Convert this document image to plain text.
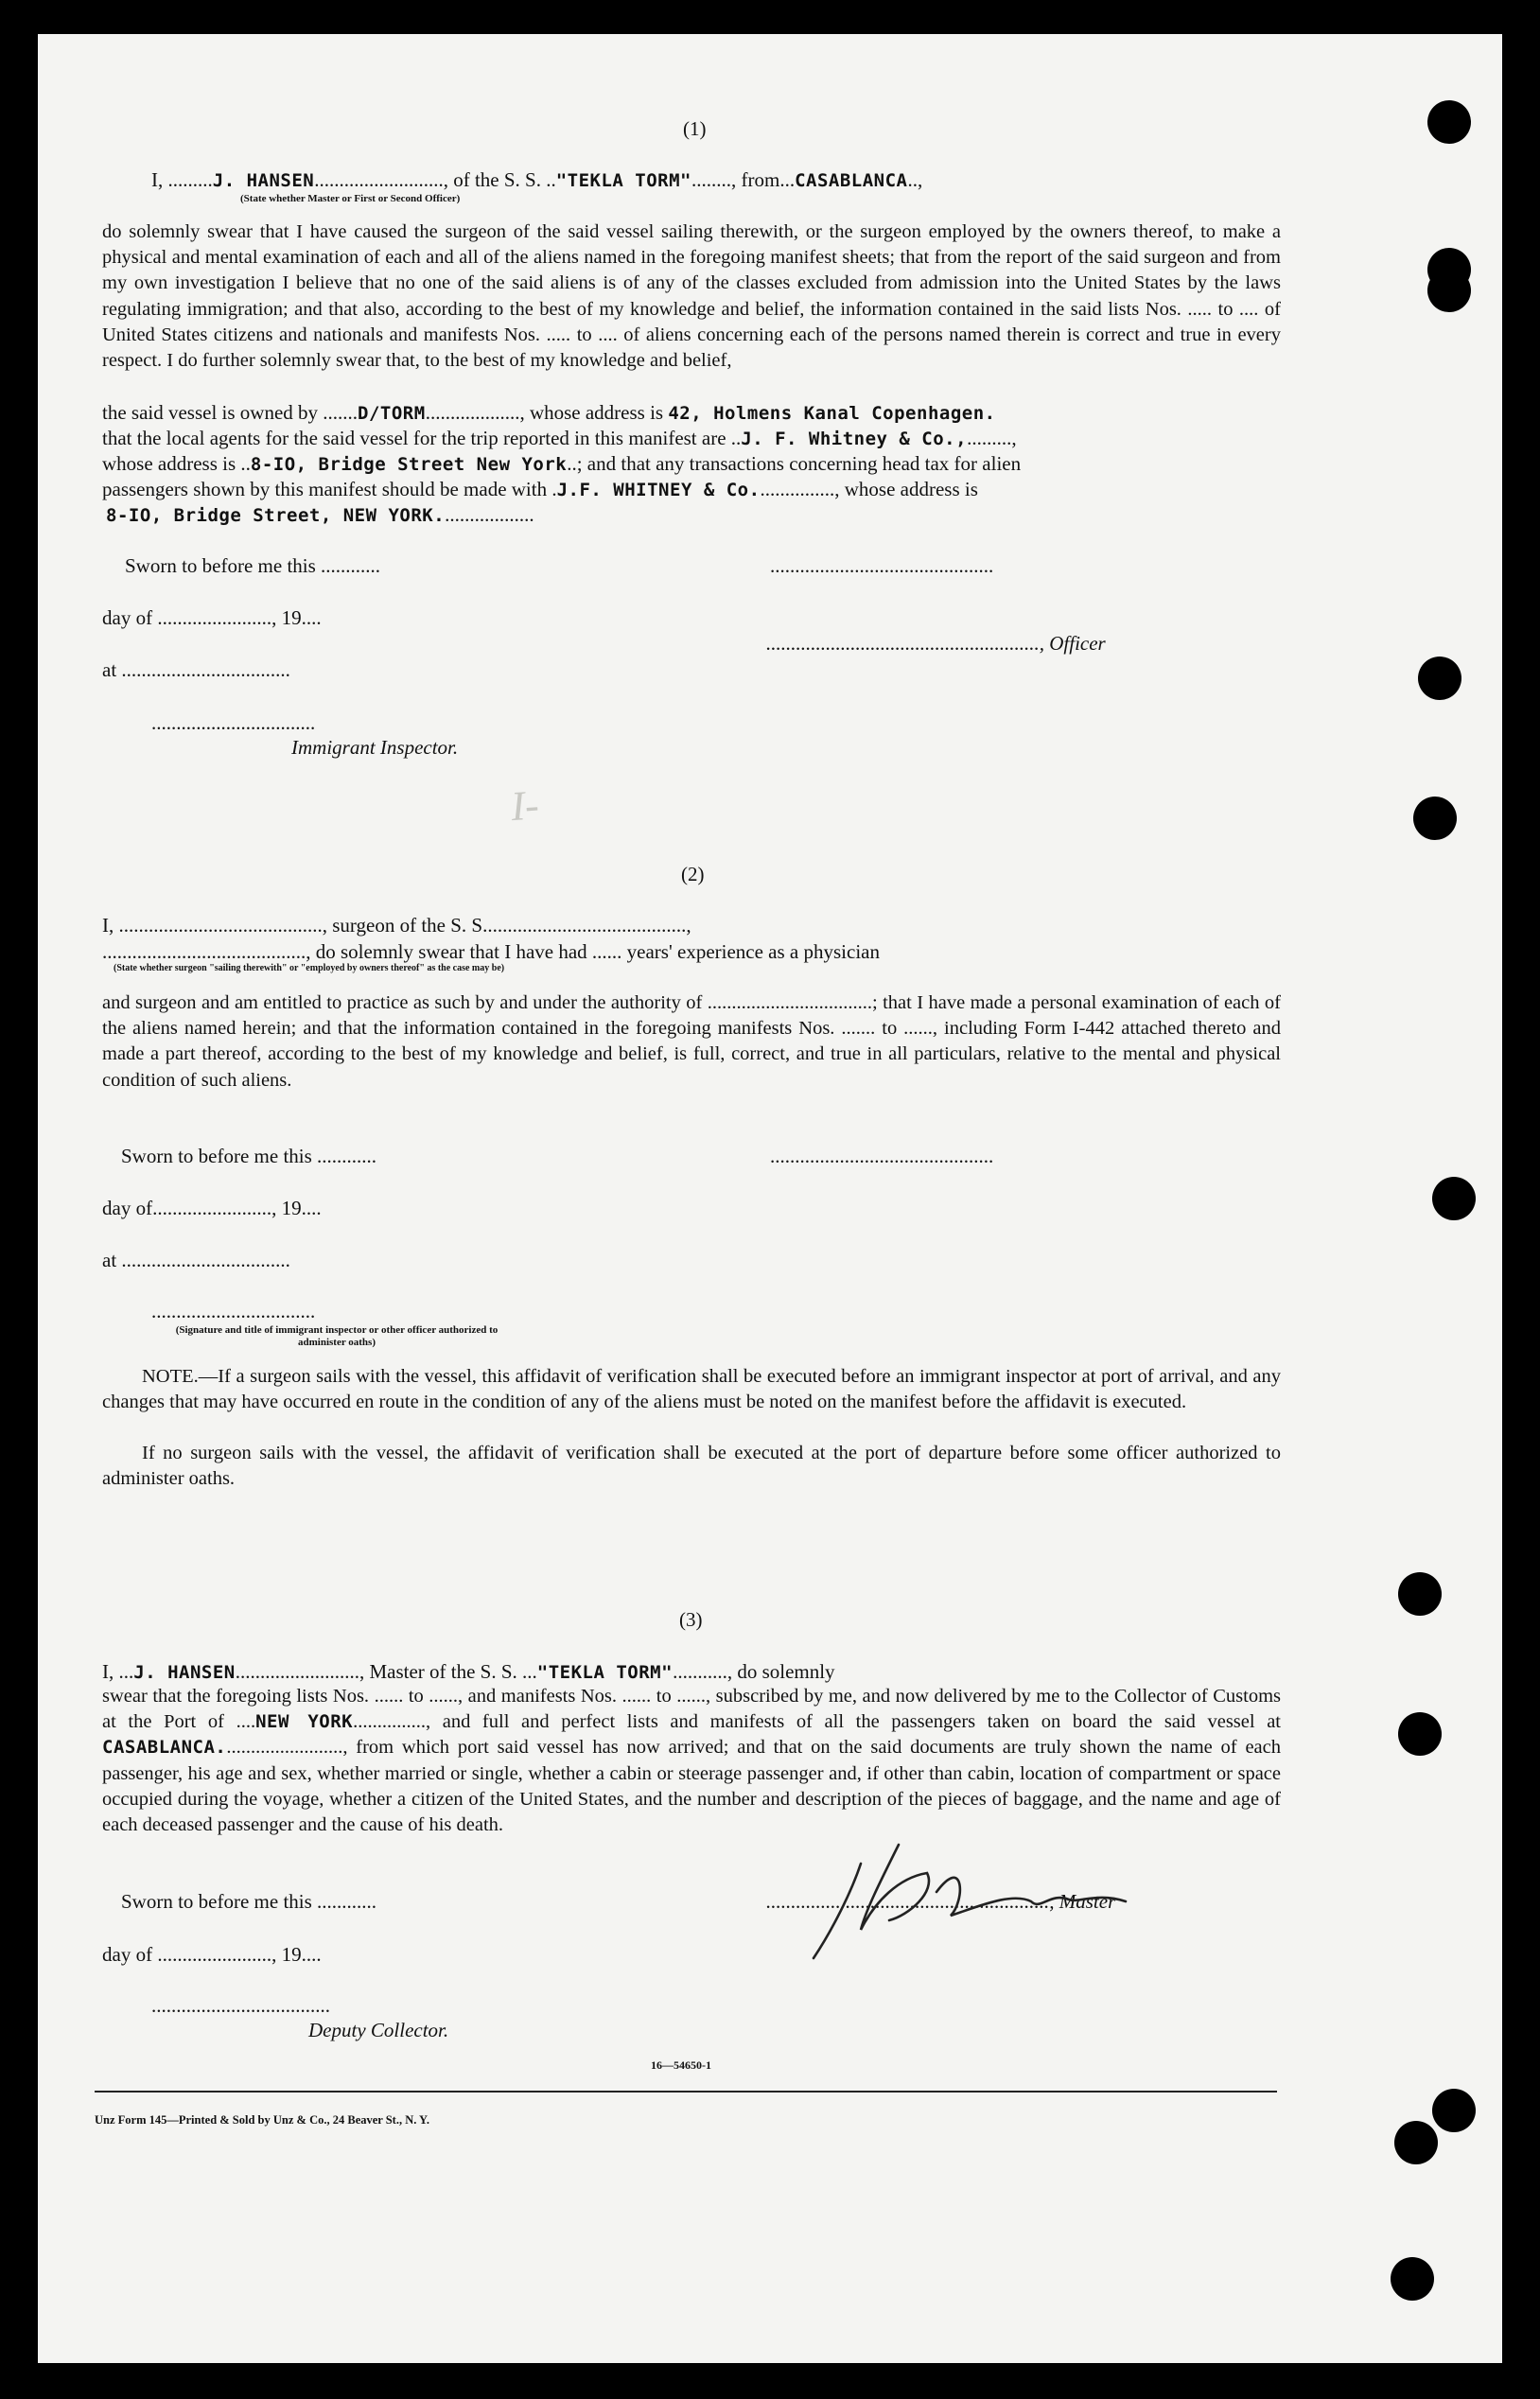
(1)
I, .........J. HANSEN.........................., of the S. S. .."TEKLA TORM"........, from...CASABLANCA..,
(State whether Master or First or Second Officer)
do solemnly swear that I have caused the surgeon of the said vessel sailing therewith, or the surgeon employed by the owners thereof, to make a physical and mental examination of each and all of the aliens named in the foregoing manifest sheets; that from the report of the said surgeon and from my own investigation I believe that no one of the said aliens is of any of the classes excluded from admission into the United States by the laws regulating immigration; and that also, according to the best of my knowledge and belief, the information contained in the said lists Nos. ..... to .... of United States citizens and nationals and manifests Nos. ..... to .... of aliens concerning each of the persons named therein is correct and true in every respect. I do further solemnly swear that, to the best of my knowledge and belief,
the said vessel is owned by .......D/TORM..................., whose address is 42, Holmens Kanal Copenhagen.
that the local agents for the said vessel for the trip reported in this manifest are ..J. F. Whitney & Co.,.........,
whose address is ..8-IO, Bridge Street New York..; and that any transactions concerning head tax for alien
passengers shown by this manifest should be made with .J.F. WHITNEY & Co................, whose address is
8-IO, Bridge Street, NEW YORK...................
Sworn to before me this ............	.............................................
day of ......................., 19....
......................................................., Officer
at ..................................
.................................
Immigrant Inspector.
I-
(2)
I, ........................................., surgeon of the S. S.........................................,
........................................., do solemnly swear that I have had ...... years' experience as a physician
(State whether surgeon "sailing therewith" or "employed by owners thereof" as the case may be)
and surgeon and am entitled to practice as such by and under the authority of ..................................; that I have made a personal examination of each of the aliens named herein; and that the information contained in the foregoing manifests Nos. ....... to ......, including Form I-442 attached thereto and made a part thereof, according to the best of my knowledge and belief, is full, correct, and true in all particulars, relative to the mental and physical condition of such aliens.
Sworn to before me this ............	.............................................
day of........................, 19....
at ..................................
.................................
(Signature and title of immigrant inspector or other officer authorized to administer oaths)
NOTE.—If a surgeon sails with the vessel, this affidavit of verification shall be executed before an immigrant inspector at port of arrival, and any changes that may have occurred en route in the condition of any of the aliens must be noted on the manifest before the affidavit is executed.
If no surgeon sails with the vessel, the affidavit of verification shall be executed at the port of departure before some officer authorized to administer oaths.
(3)
I, ...J. HANSEN........................., Master of the S. S. ..."TEKLA TORM"..........., do solemnly
swear that the foregoing lists Nos. ...... to ......, and manifests Nos. ...... to ......, subscribed by me, and now delivered by me to the Collector of Customs at the Port of ....NEW YORK..............., and full and perfect lists and manifests of all the passengers taken on board the said vessel at CASABLANCA........................., from which port said vessel has now arrived; and that on the said documents are truly shown the name of each passenger, his age and sex, whether married or single, whether a cabin or steerage passenger and, if other than cabin, location of compartment or space occupied during the voyage, whether a citizen of the United States, and the number and description of the pieces of baggage, and the name and age of each deceased passenger and the cause of his death.
Sworn to before me this ............	........................................................., Master
day of ......................., 19....
....................................
Deputy Collector.
16—54650-1
Unz Form 145—Printed & Sold by Unz & Co., 24 Beaver St., N. Y.
